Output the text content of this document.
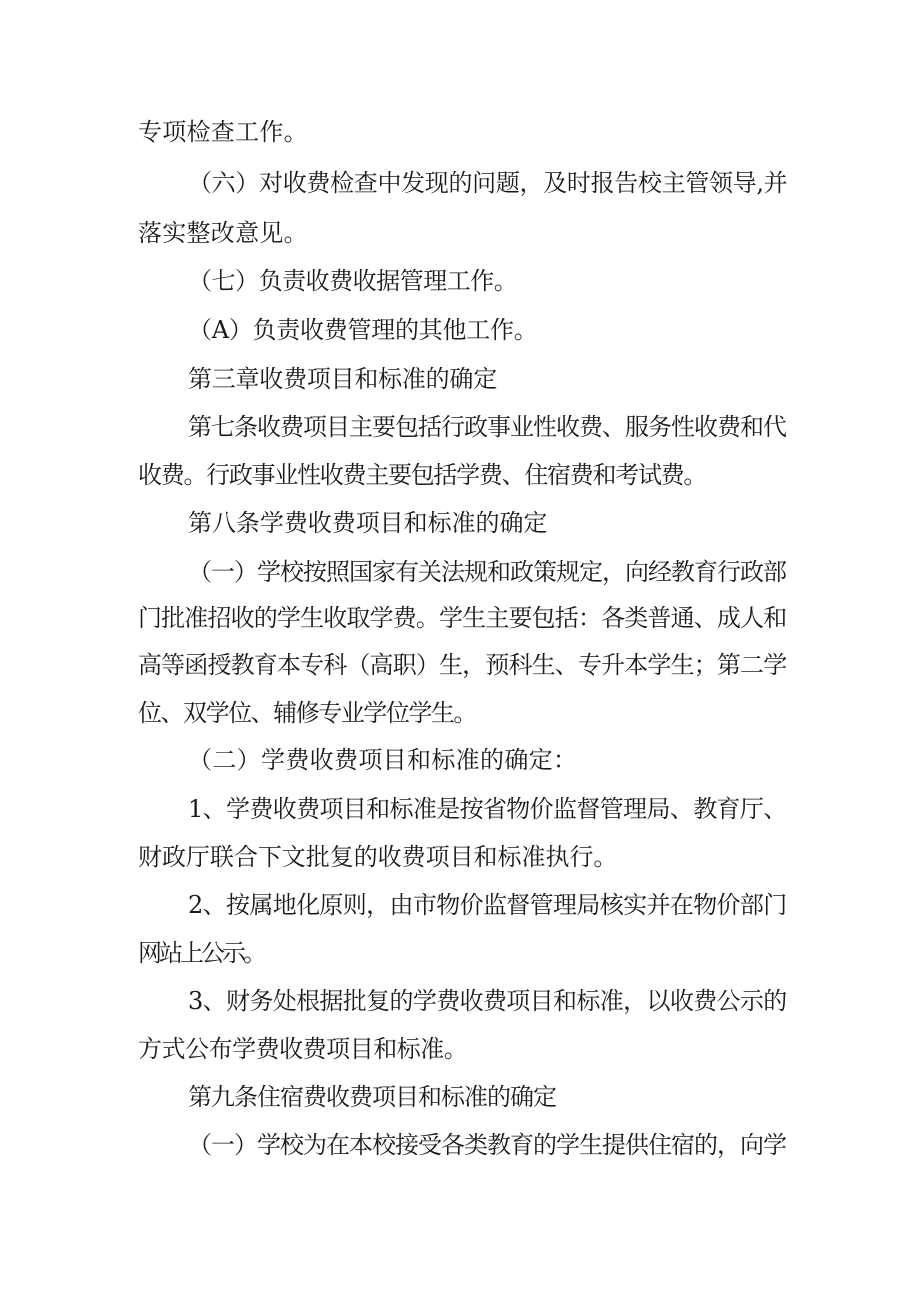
专项检查工作。
（六）对收费检查中发现的问题，及时报告校主管领导,并
落实整改意见。
（七）负责收费收据管理工作。
（A）负责收费管理的其他工作。
第三章收费项目和标准的确定
第七条收费项目主要包括行政事业性收费、服务性收费和代
收费。行政事业性收费主要包括学费、住宿费和考试费。
第八条学费收费项目和标准的确定
（一）学校按照国家有关法规和政策规定，向经教育行政部
门批准招收的学生收取学费。学生主要包括：各类普通、成人和
高等函授教育本专科（高职）生，预科生、专升本学生；第二学
位、双学位、辅修专业学位学生。
（二）学费收费项目和标准的确定：
1、学费收费项目和标准是按省物价监督管理局、教育厅、
财政厅联合下文批复的收费项目和标准执行。
2、按属地化原则，由市物价监督管理局核实并在物价部门
网站上公示。
3、财务处根据批复的学费收费项目和标准，以收费公示的
方式公布学费收费项目和标准。
第九条住宿费收费项目和标准的确定
（一）学校为在本校接受各类教育的学生提供住宿的，向学
